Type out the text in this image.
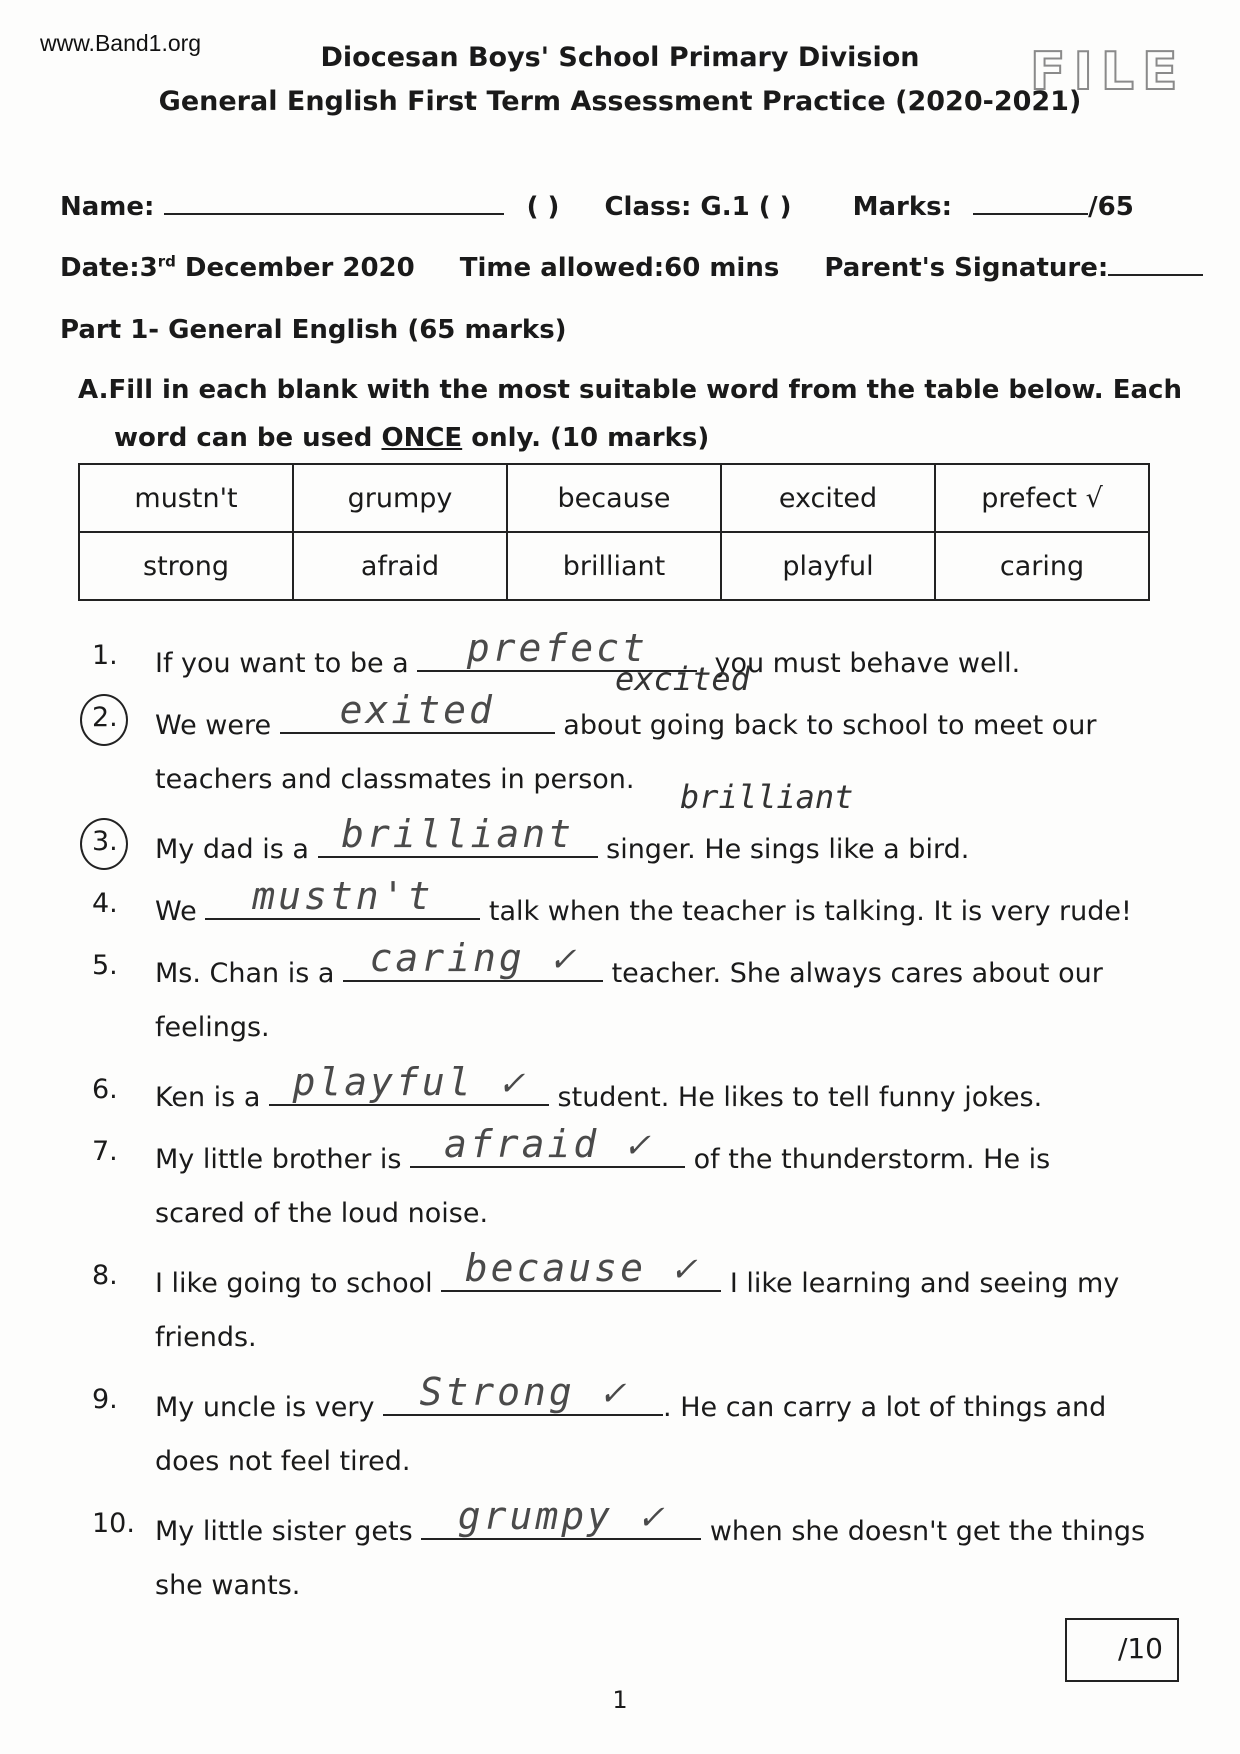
www.Band1.org	Diocesan Boys' School Primary Division
General English First Term Assessment Practice (2020-2021)
FILE
Name:	( ) Class: G.1 ( ) Marks:	/65
Date:3rd December 2020 Time allowed:60 mins Parent's Signature:
Part 1- General English (65 marks)
A.Fill in each blank with the most suitable word from the table below. Each
word can be used ONCE only. (10 marks)
mustn't	grumpy	because	excited	prefect √
strong	afraid	brilliant	playful	caring
1.	If you want to be a	prefect	, you must behave well.
excited
2.	We were	exited	about going back to school to meet our
teachers and classmates in person. brilliant
3.	My dad is a brilliant singer. He sings like a bird.
4.	We	mustn't	talk when the teacher is talking. It is very rude!
5.	Ms. Chan is a caring ✓ teacher. She always cares about our
feelings.
6.	Ken is a playful ✓ student. He likes to tell funny jokes.
7.	My little brother is afraid ✓	of the thunderstorm. He is
scared of the loud noise.
8.	I like going to school because ✓ I like learning and seeing my
friends.
9.	My uncle is very Strong ✓	. He can carry a lot of things and
does not feel tired.
10. My little sister gets grumpy ✓	when she doesn't get the things
she wants.
/10
1
